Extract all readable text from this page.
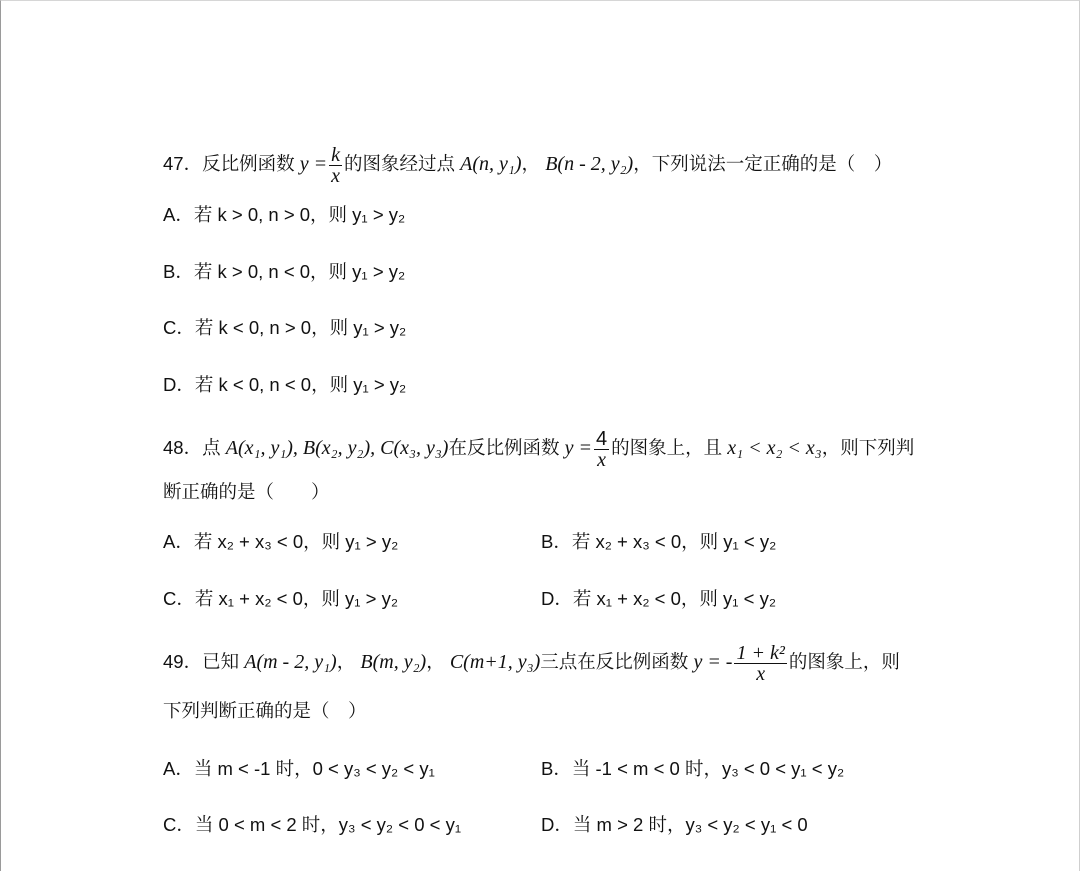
47．反比例函数 $y = \frac{k}{x}$ 的图象经过点 A(n, y₁)， B(n - 2, y₂)，下列说法一定正确的是（　）
A．若 k > 0, n > 0，则 y₁ > y₂
B．若 k > 0, n < 0，则 y₁ > y₂
C．若 k < 0, n > 0，则 y₁ > y₂
D．若 k < 0, n < 0，则 y₁ > y₂
48．点 A(x₁, y₁), B(x₂, y₂), C(x₃, y₃)在反比例函数 $y = \frac{4}{x}$ 的图象上，且 x₁ < x₂ < x₃，则下列判
断正确的是（　　）
A．若 x₂ + x₃ < 0，则 y₁ > y₂	B．若 x₂ + x₃ < 0，则 y₁ < y₂
C．若 x₁ + x₂ < 0，则 y₁ > y₂	D．若 x₁ + x₂ < 0，则 y₁ < y₂
49．已知 A(m - 2, y₁)， B(m, y₂)， C(m+1, y₃)三点在反比例函数 y = - $\frac{\text{1 + k²}}{x}$ 的图象上，则
下列判断正确的是（　）
A．当 m < -1 时，0 < y₃ < y₂ < y₁	B．当 -1 < m < 0 时，y₃ < 0 < y₁ < y₂
C．当 0 < m < 2 时，y₃ < y₂ < 0 < y₁	D．当 m > 2 时，y₃ < y₂ < y₁ < 0
